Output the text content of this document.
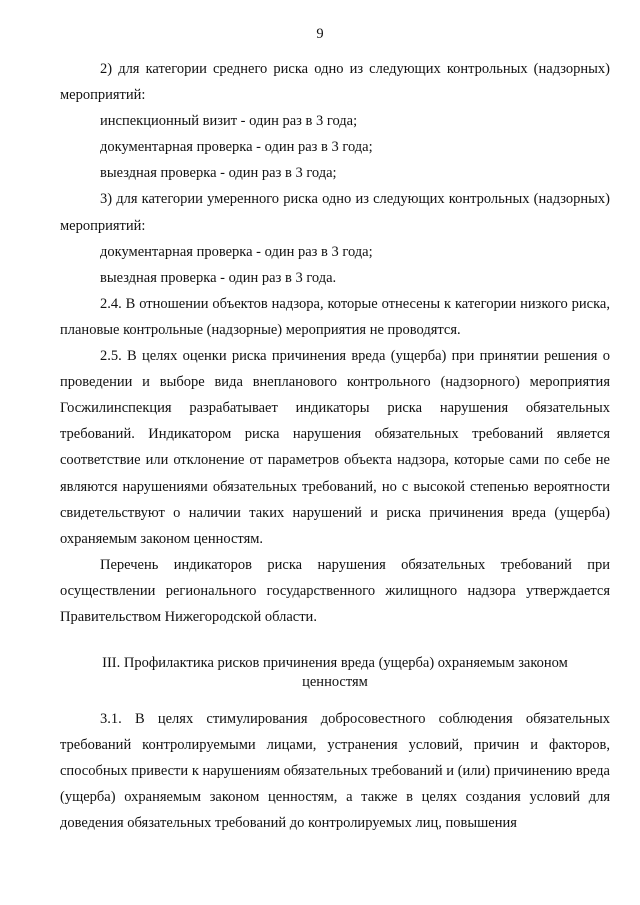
9

2) для категории среднего риска одно из следующих контрольных (надзорных) мероприятий:

инспекционный визит - один раз в 3 года;

документарная проверка - один раз в 3 года;

выездная проверка - один раз в 3 года;

3) для категории умеренного риска одно из следующих контрольных (надзорных) мероприятий:

документарная проверка - один раз в 3 года;

выездная проверка - один раз в 3 года.

2.4. В отношении объектов надзора, которые отнесены к категории низкого риска, плановые контрольные (надзорные) мероприятия не проводятся.

2.5. В целях оценки риска причинения вреда (ущерба) при принятии решения о проведении и выборе вида внепланового контрольного (надзорного) мероприятия Госжилинспекция разрабатывает индикаторы риска нарушения обязательных требований. Индикатором риска нарушения обязательных требований является соответствие или отклонение от параметров объекта надзора, которые сами по себе не являются нарушениями обязательных требований, но с высокой степенью вероятности свидетельствуют о наличии таких нарушений и риска причинения вреда (ущерба) охраняемым законом ценностям.

Перечень индикаторов риска нарушения обязательных требований при осуществлении регионального государственного жилищного надзора утверждается Правительством Нижегородской области.

III. Профилактика рисков причинения вреда (ущерба) охраняемым законом ценностям

3.1. В целях стимулирования добросовестного соблюдения обязательных требований контролируемыми лицами, устранения условий, причин и факторов, способных привести к нарушениям обязательных требований и (или) причинению вреда (ущерба) охраняемым законом ценностям, а также в целях создания условий для доведения обязательных требований до контролируемых лиц, повышения
